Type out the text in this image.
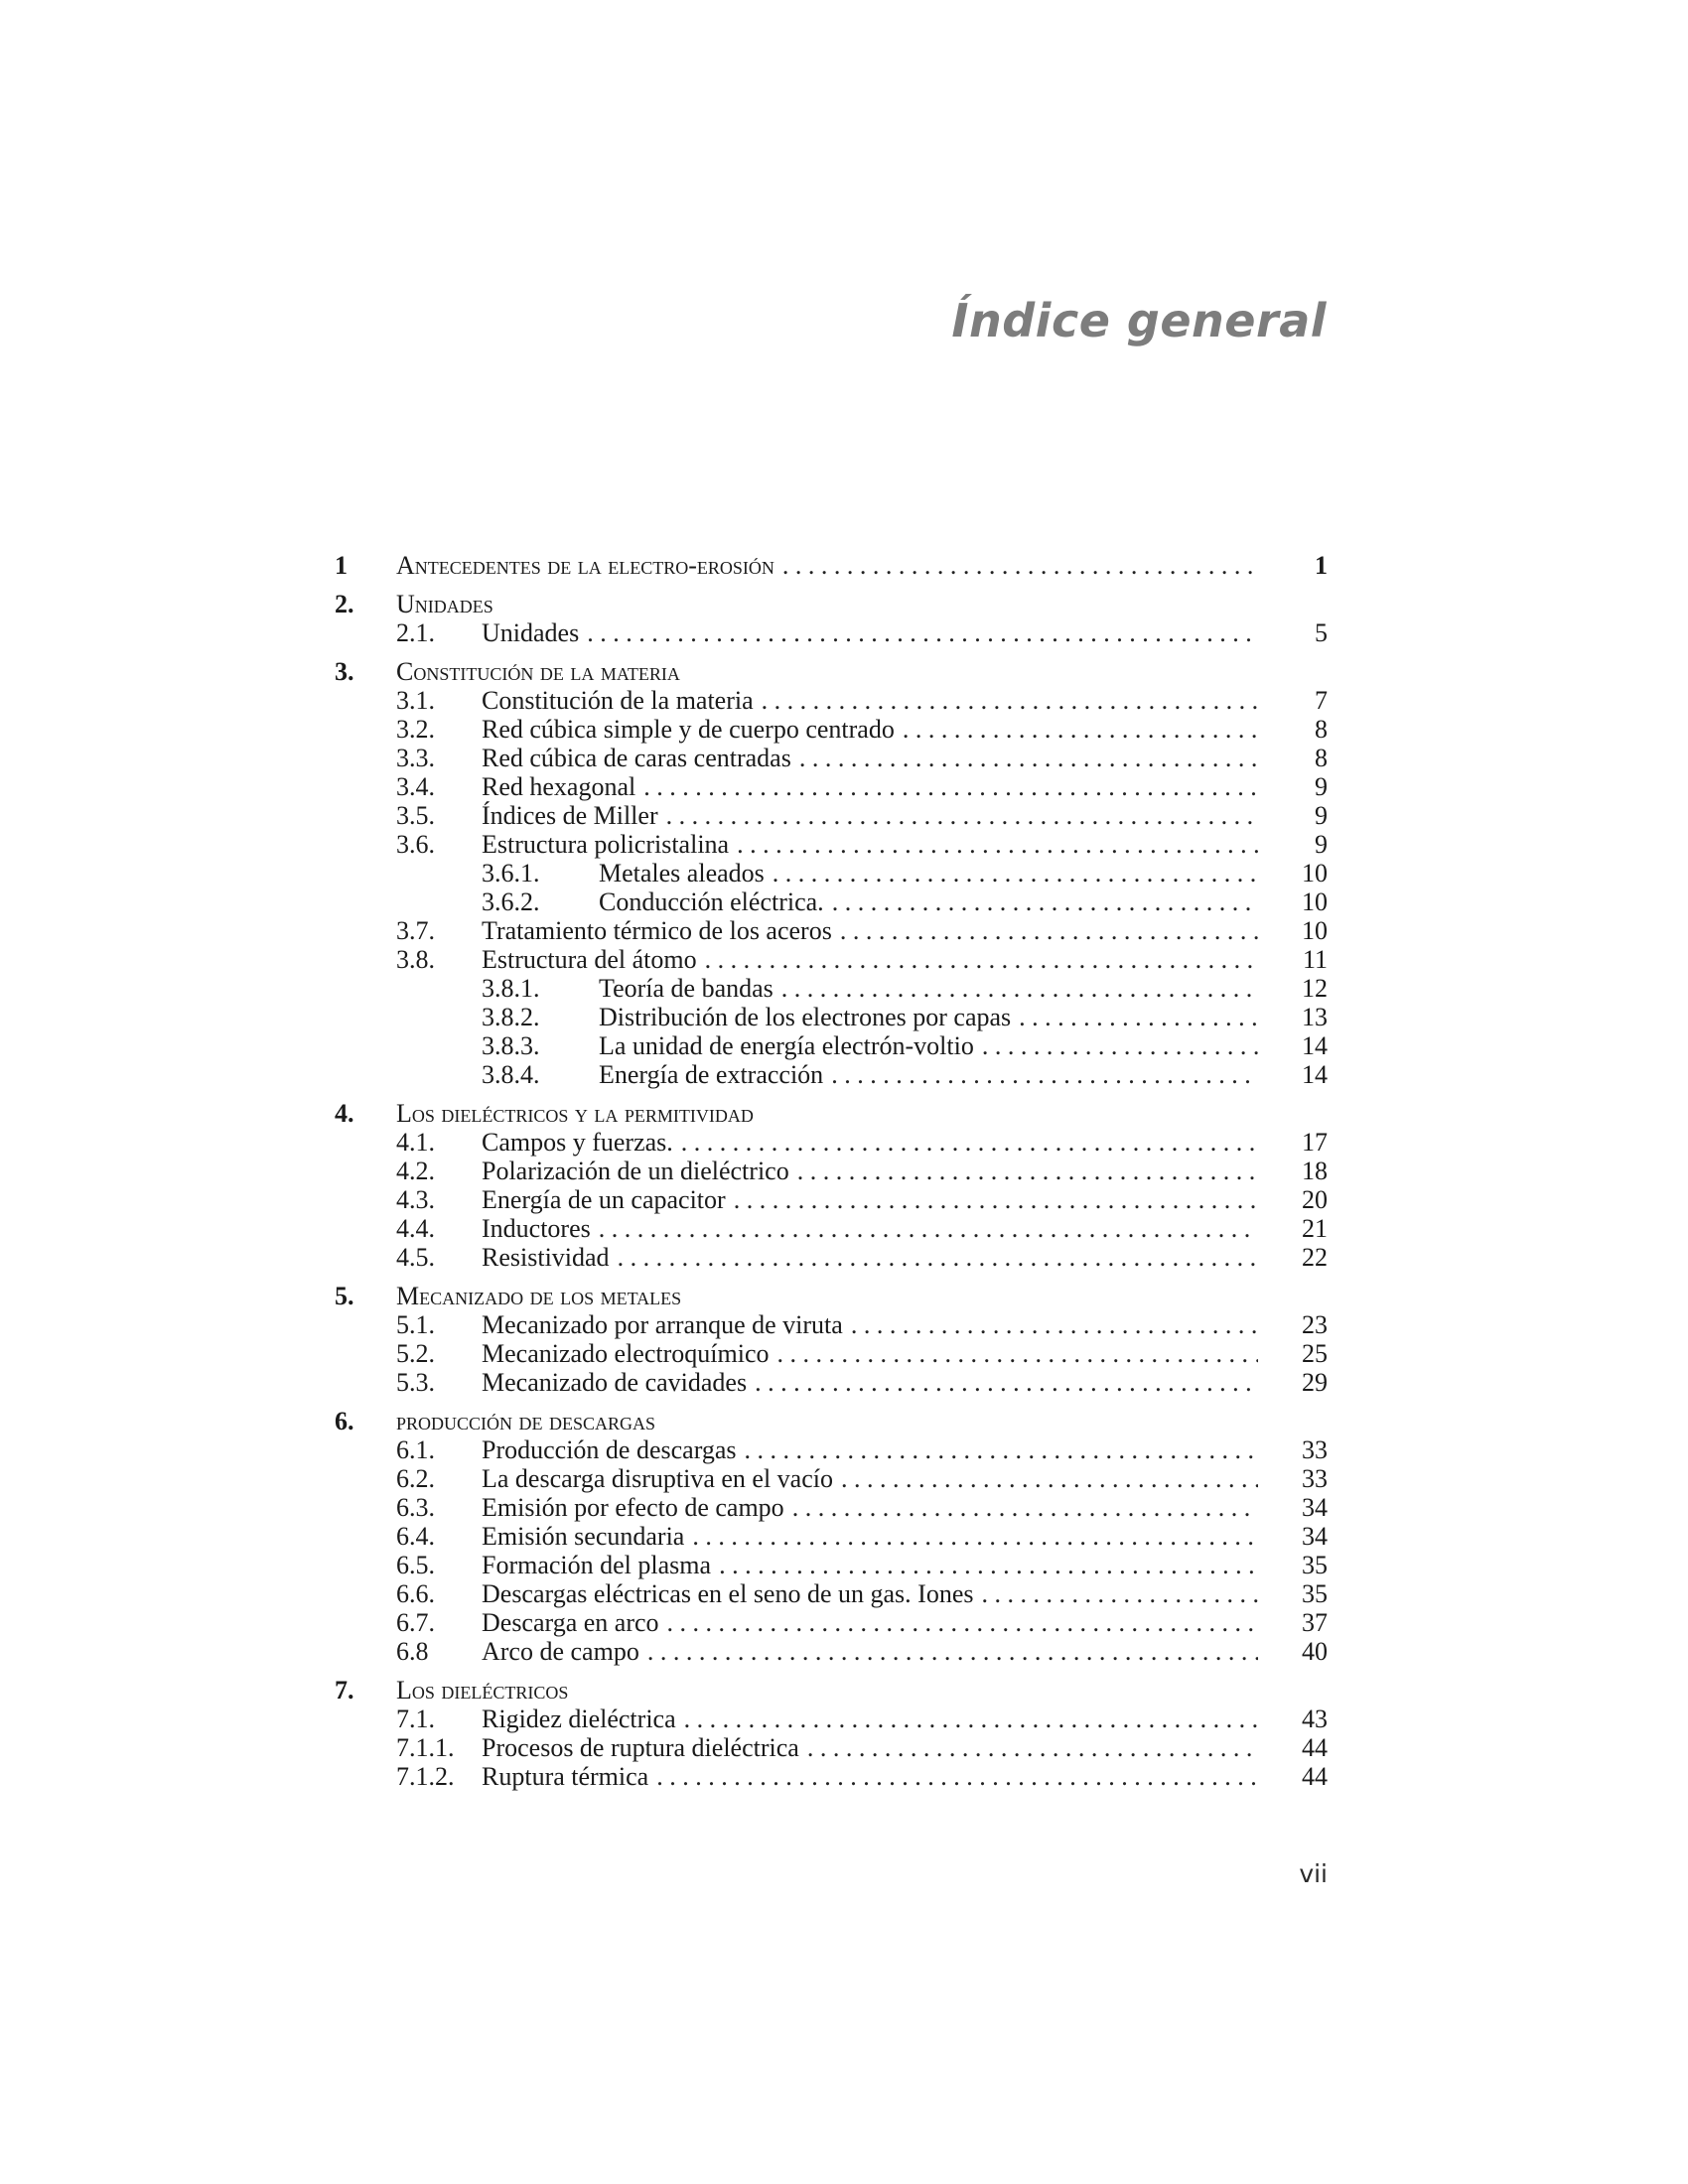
Índice general
1	Antecedentes de la electro-erosión . . .	1
2.	Unidades
2.1.	Unidades . . .	5
3.	Constitución de la materia
3.1.	Constitución de la materia . . .	7
3.2.	Red cúbica simple y de cuerpo centrado . . .	8
3.3.	Red cúbica de caras centradas . . .	8
3.4.	Red hexagonal . . .	9
3.5.	Índices de Miller . . .	9
3.6.	Estructura policristalina . . .	9
3.6.1.	Metales aleados . . .	10
3.6.2.	Conducción eléctrica. . . .	10
3.7.	Tratamiento térmico de los aceros . . .	10
3.8.	Estructura del átomo . . .	11
3.8.1.	Teoría de bandas . . .	12
3.8.2.	Distribución de los electrones por capas . . .	13
3.8.3.	La unidad de energía electrón-voltio . . .	14
3.8.4.	Energía de extracción . . .	14
4.	Los dieléctricos y la permitividad
4.1.	Campos y fuerzas. . . .	17
4.2.	Polarización de un dieléctrico . . .	18
4.3.	Energía de un capacitor . . .	20
4.4.	Inductores . . .	21
4.5.	Resistividad . . .	22
5.	Mecanizado de los metales
5.1.	Mecanizado por arranque de viruta . . .	23
5.2.	Mecanizado electroquímico . . .	25
5.3.	Mecanizado de cavidades . . .	29
6.	producción de descargas
6.1.	Producción de descargas . . .	33
6.2.	La descarga disruptiva en el vacío . . .	33
6.3.	Emisión por efecto de campo . . .	34
6.4.	Emisión secundaria . . .	34
6.5.	Formación del plasma . . .	35
6.6.	Descargas eléctricas en el seno de un gas. Iones . . .	35
6.7.	Descarga en arco . . .	37
6.8	Arco de campo . . .	40
7.	Los dieléctricos
7.1.	Rigidez dieléctrica . . .	43
7.1.1.	Procesos de ruptura dieléctrica . . .	44
7.1.2.	Ruptura térmica . . .	44
vii
